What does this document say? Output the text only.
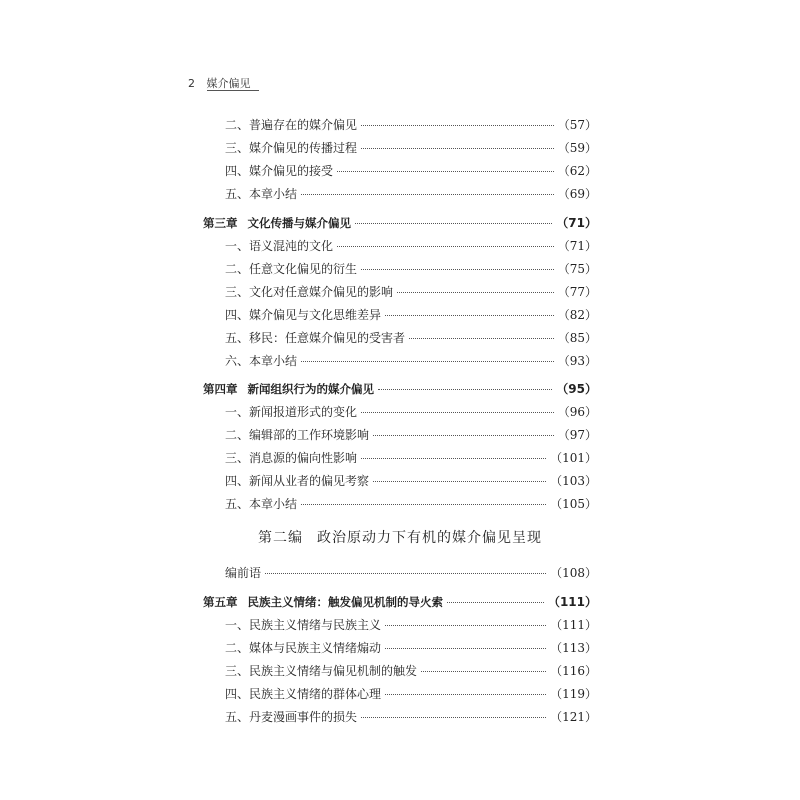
2 媒介偏见
二、普遍存在的媒介偏见	（57）
三、媒介偏见的传播过程	（59）
四、媒介偏见的接受	（62）
五、本章小结	（69）
第三章 文化传播与媒介偏见	（71）
一、语义混沌的文化	（71）
二、任意文化偏见的衍生	（75）
三、文化对任意媒介偏见的影响	（77）
四、媒介偏见与文化思维差异	（82）
五、移民：任意媒介偏见的受害者	（85）
六、本章小结	（93）
第四章 新闻组织行为的媒介偏见	（95）
一、新闻报道形式的变化	（96）
二、编辑部的工作环境影响	（97）
三、消息源的偏向性影响	（101）
四、新闻从业者的偏见考察	（103）
五、本章小结	（105）
第二编 政治原动力下有机的媒介偏见呈现
编前语	（108）
第五章 民族主义情绪：触发偏见机制的导火索	（111）
一、民族主义情绪与民族主义	（111）
二、媒体与民族主义情绪煽动	（113）
三、民族主义情绪与偏见机制的触发	（116）
四、民族主义情绪的群体心理	（119）
五、丹麦漫画事件的损失	（121）
